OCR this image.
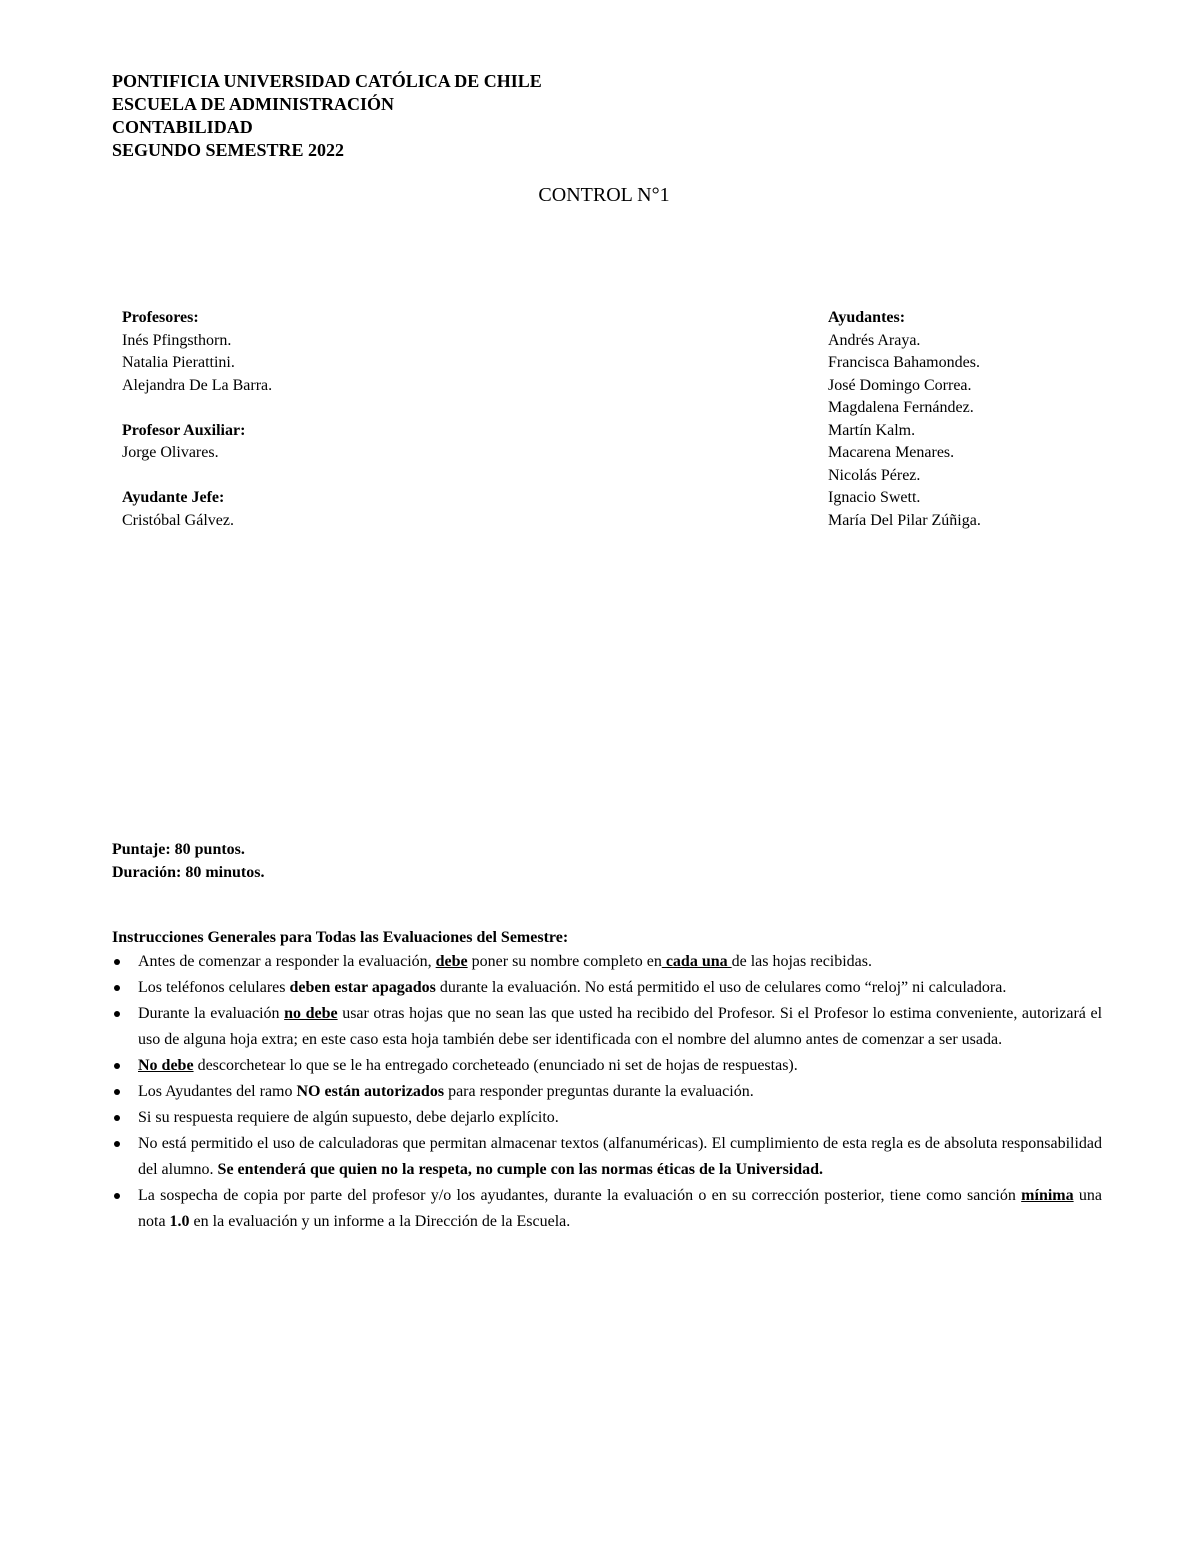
PONTIFICIA UNIVERSIDAD CATÓLICA DE CHILE
ESCUELA DE ADMINISTRACIÓN
CONTABILIDAD
SEGUNDO SEMESTRE 2022
CONTROL N°1
Profesores:
Inés Pfingsthorn.
Natalia Pierattini.
Alejandra De La Barra.
Profesor Auxiliar:
Jorge Olivares.
Ayudante Jefe:
Cristóbal Gálvez.
Ayudantes:
Andrés Araya.
Francisca Bahamondes.
José Domingo Correa.
Magdalena Fernández.
Martín Kalm.
Macarena Menares.
Nicolás Pérez.
Ignacio Swett.
María Del Pilar Zúñiga.
Puntaje: 80 puntos.
Duración: 80 minutos.
Instrucciones Generales para Todas las Evaluaciones del Semestre:
Antes de comenzar a responder la evaluación, debe poner su nombre completo en cada una de las hojas recibidas.
Los teléfonos celulares deben estar apagados durante la evaluación. No está permitido el uso de celulares como “reloj” ni calculadora.
Durante la evaluación no debe usar otras hojas que no sean las que usted ha recibido del Profesor. Si el Profesor lo estima conveniente, autorizará el uso de alguna hoja extra; en este caso esta hoja también debe ser identificada con el nombre del alumno antes de comenzar a ser usada.
No debe descorchetear lo que se le ha entregado corcheteado (enunciado ni set de hojas de respuestas).
Los Ayudantes del ramo NO están autorizados para responder preguntas durante la evaluación.
Si su respuesta requiere de algún supuesto, debe dejarlo explícito.
No está permitido el uso de calculadoras que permitan almacenar textos (alfanuméricas). El cumplimiento de esta regla es de absoluta responsabilidad del alumno. Se entenderá que quien no la respeta, no cumple con las normas éticas de la Universidad.
La sospecha de copia por parte del profesor y/o los ayudantes, durante la evaluación o en su corrección posterior, tiene como sanción mínima una nota 1.0 en la evaluación y un informe a la Dirección de la Escuela.
